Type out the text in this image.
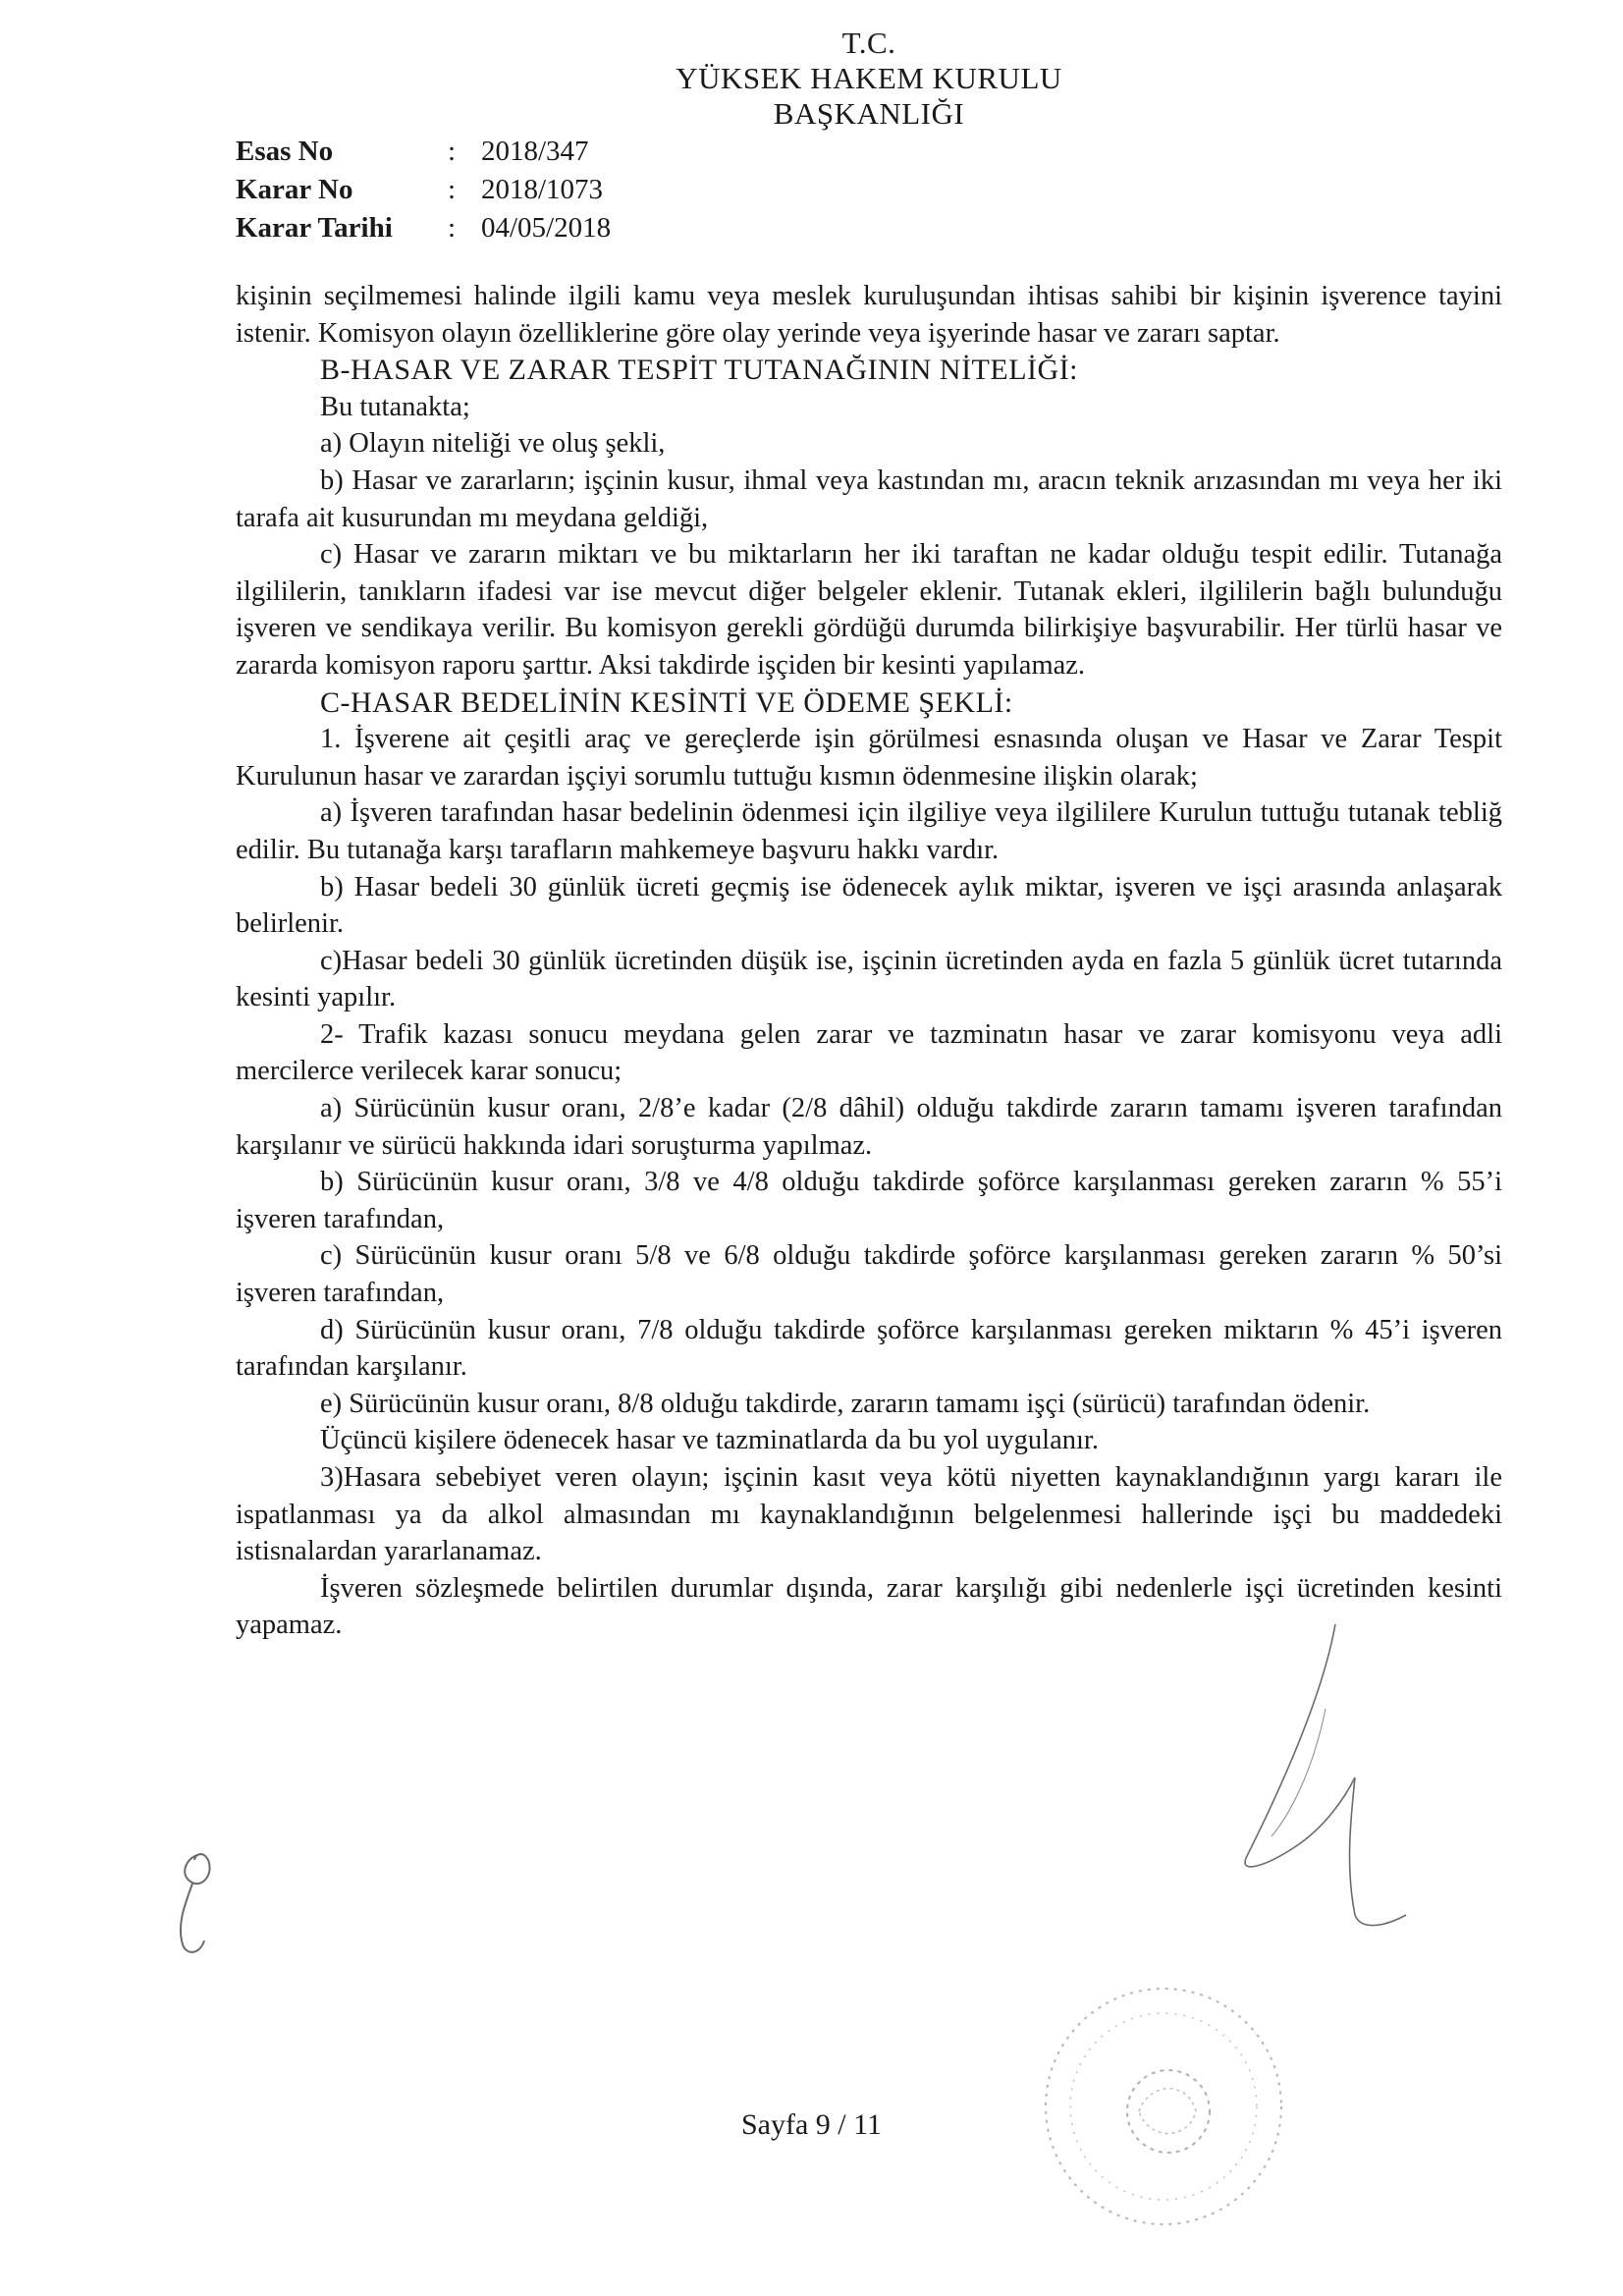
T.C.
YÜKSEK HAKEM KURULU
BAŞKANLIĞI
Esas No	: 2018/347
Karar No	: 2018/1073
Karar Tarihi	: 04/05/2018

kişinin seçilmemesi halinde ilgili kamu veya meslek kuruluşundan ihtisas sahibi bir kişinin işverence tayini istenir. Komisyon olayın özelliklerine göre olay yerinde veya işyerinde hasar ve zararı saptar.

B-HASAR VE ZARAR TESPİT TUTANAĞININ NİTELİĞİ:

Bu tutanakta;

a) Olayın niteliği ve oluş şekli,

b) Hasar ve zararların; işçinin kusur, ihmal veya kastından mı, aracın teknik arızasından mı veya her iki tarafa ait kusurundan mı meydana geldiği,

c) Hasar ve zararın miktarı ve bu miktarların her iki taraftan ne kadar olduğu tespit edilir. Tutanağa ilgililerin, tanıkların ifadesi var ise mevcut diğer belgeler eklenir. Tutanak ekleri, ilgililerin bağlı bulunduğu işveren ve sendikaya verilir. Bu komisyon gerekli gördüğü durumda bilirkişiye başvurabilir. Her türlü hasar ve zararda komisyon raporu şarttır. Aksi takdirde işçiden bir kesinti yapılamaz.

C-HASAR BEDELİNİN KESİNTİ VE ÖDEME ŞEKLİ:

1. İşverene ait çeşitli araç ve gereçlerde işin görülmesi esnasında oluşan ve Hasar ve Zarar Tespit Kurulunun hasar ve zarardan işçiyi sorumlu tuttuğu kısmın ödenmesine ilişkin olarak;

a) İşveren tarafından hasar bedelinin ödenmesi için ilgiliye veya ilgililere Kurulun tuttuğu tutanak tebliğ edilir. Bu tutanağa karşı tarafların mahkemeye başvuru hakkı vardır.

b) Hasar bedeli 30 günlük ücreti geçmiş ise ödenecek aylık miktar, işveren ve işçi arasında anlaşarak belirlenir.

c)Hasar bedeli 30 günlük ücretinden düşük ise, işçinin ücretinden ayda en fazla 5 günlük ücret tutarında kesinti yapılır.

2- Trafik kazası sonucu meydana gelen zarar ve tazminatın hasar ve zarar komisyonu veya adli mercilerce verilecek karar sonucu;

a) Sürücünün kusur oranı, 2/8’e kadar (2/8 dâhil) olduğu takdirde zararın tamamı işveren tarafından karşılanır ve sürücü hakkında idari soruşturma yapılmaz.

b) Sürücünün kusur oranı, 3/8 ve 4/8 olduğu takdirde şoförce karşılanması gereken zararın % 55’i işveren tarafından,

c) Sürücünün kusur oranı 5/8 ve 6/8 olduğu takdirde şoförce karşılanması gereken zararın % 50’si işveren tarafından,

d) Sürücünün kusur oranı, 7/8 olduğu takdirde şoförce karşılanması gereken miktarın % 45’i işveren tarafından karşılanır.

e) Sürücünün kusur oranı, 8/8 olduğu takdirde, zararın tamamı işçi (sürücü) tarafından ödenir.

Üçüncü kişilere ödenecek hasar ve tazminatlarda da bu yol uygulanır.

3)Hasara sebebiyet veren olayın; işçinin kasıt veya kötü niyetten kaynaklandığının yargı kararı ile ispatlanması ya da alkol almasından mı kaynaklandığının belgelenmesi hallerinde işçi bu maddedeki istisnalardan yararlanamaz.

İşveren sözleşmede belirtilen durumlar dışında, zarar karşılığı gibi nedenlerle işçi ücretinden kesinti yapamaz.

Sayfa 9 / 11
